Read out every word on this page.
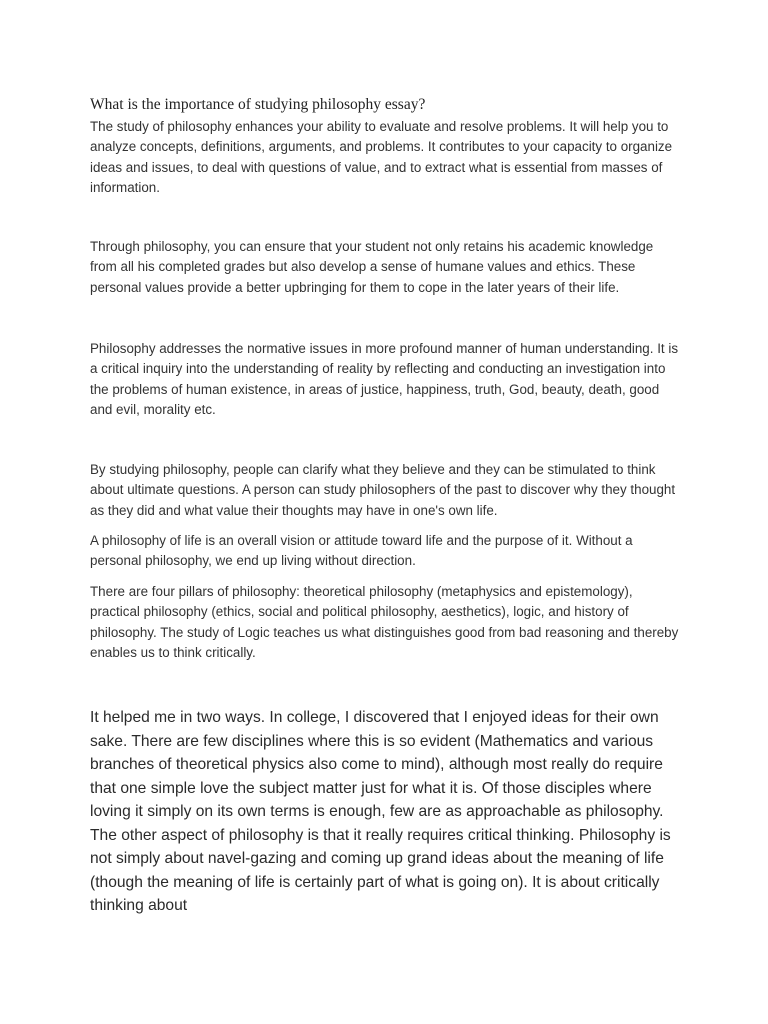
What is the importance of studying philosophy essay?

The study of philosophy enhances your ability to evaluate and resolve problems. It will help you to analyze concepts, definitions, arguments, and problems. It contributes to your capacity to organize ideas and issues, to deal with questions of value, and to extract what is essential from masses of information.

Through philosophy, you can ensure that your student not only retains his academic knowledge from all his completed grades but also develop a sense of humane values and ethics. These personal values provide a better upbringing for them to cope in the later years of their life.

Philosophy addresses the normative issues in more profound manner of human understanding. It is a critical inquiry into the understanding of reality by reflecting and conducting an investigation into the problems of human existence, in areas of justice, happiness, truth, God, beauty, death, good and evil, morality etc.

By studying philosophy, people can clarify what they believe and they can be stimulated to think about ultimate questions. A person can study philosophers of the past to discover why they thought as they did and what value their thoughts may have in one's own life.

A philosophy of life is an overall vision or attitude toward life and the purpose of it. Without a personal philosophy, we end up living without direction.

There are four pillars of philosophy: theoretical philosophy (metaphysics and epistemology), practical philosophy (ethics, social and political philosophy, aesthetics), logic, and history of philosophy. The study of Logic teaches us what distinguishes good from bad reasoning and thereby enables us to think critically.

It helped me in two ways. In college, I discovered that I enjoyed ideas for their own sake. There are few disciplines where this is so evident (Mathematics and various branches of theoretical physics also come to mind), although most really do require that one simple love the subject matter just for what it is. Of those disciples where loving it simply on its own terms is enough, few are as approachable as philosophy. The other aspect of philosophy is that it really requires critical thinking. Philosophy is not simply about navel-gazing and coming up grand ideas about the meaning of life (though the meaning of life is certainly part of what is going on). It is about critically thinking about
